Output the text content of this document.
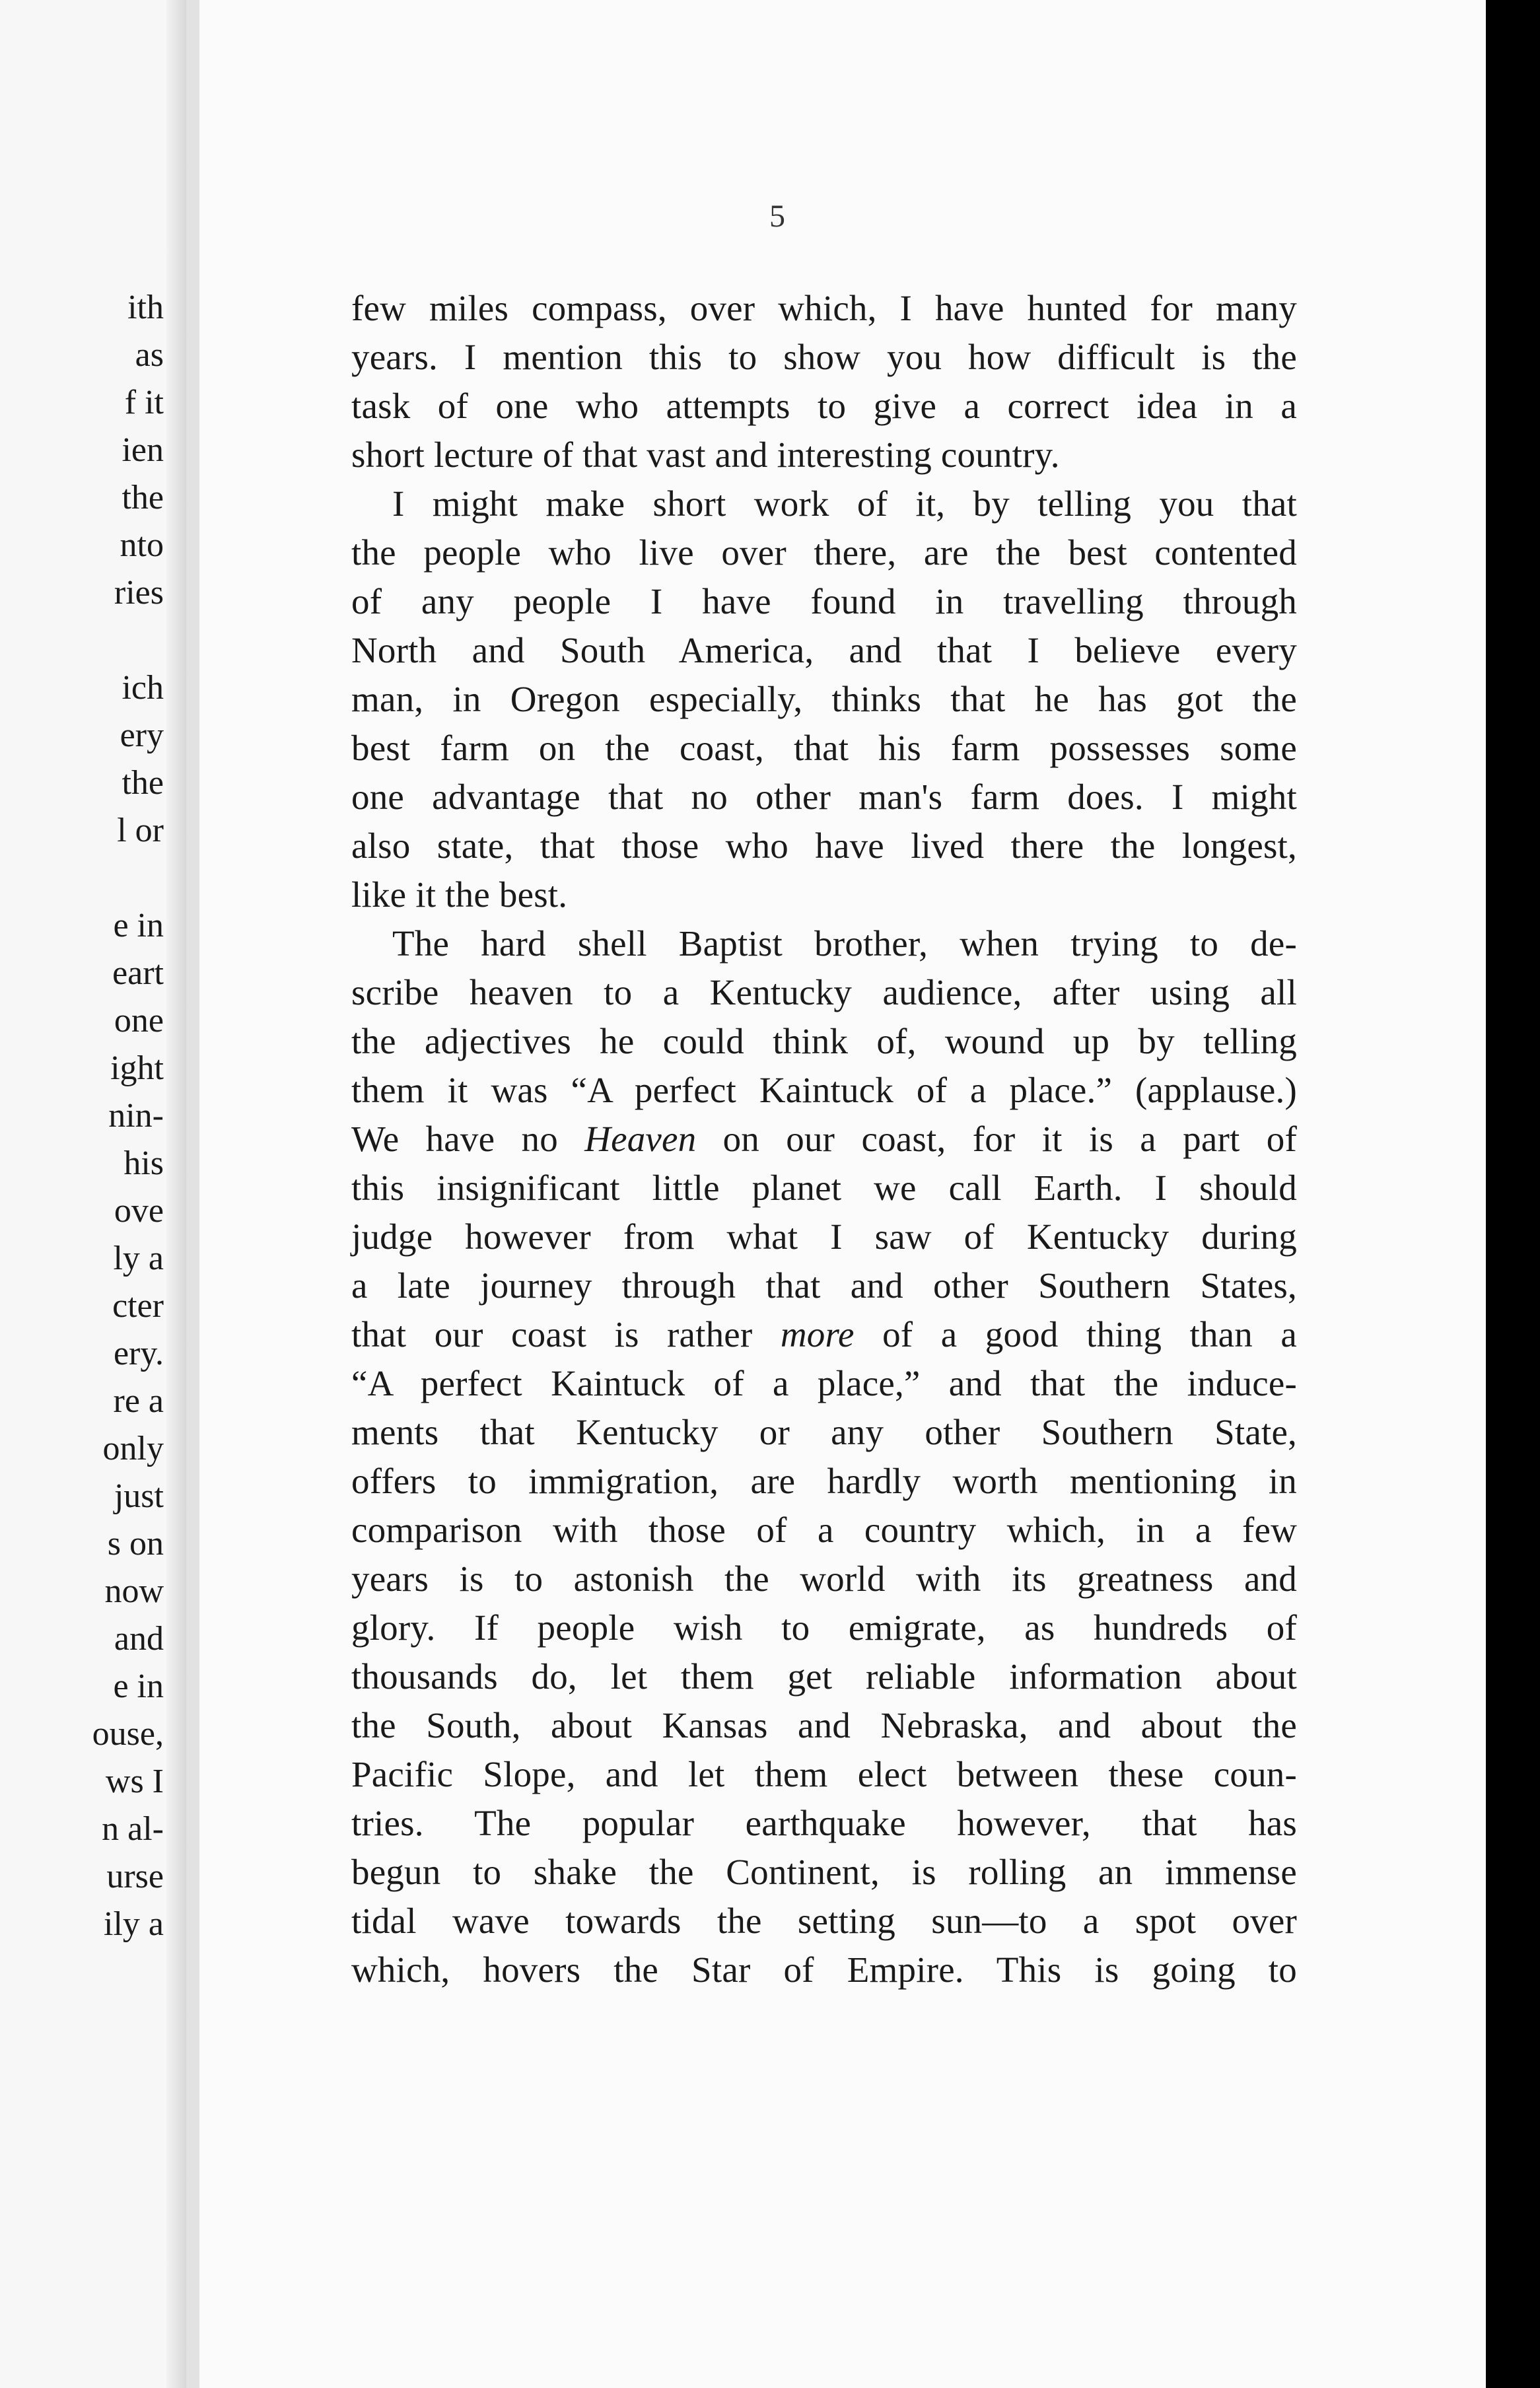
ith
as
f it
ien
the
nto
ries
ich
ery
the
l or
e in
eart
one
ight
nin-
his
ove
ly a
cter
ery.
re a
only
just
s on
now
and
e in
ouse,
ws I
n al-
urse
ily a
5
few miles compass, over which, I have hunted for many
years. I mention this to show you how difficult is the
task of one who attempts to give a correct idea in a
short lecture of that vast and interesting country.
I might make short work of it, by telling you that
the people who live over there, are the best contented
of any people I have found in travelling through
North and South America, and that I believe every
man, in Oregon especially, thinks that he has got the
best farm on the coast, that his farm possesses some
one advantage that no other man's farm does. I might
also state, that those who have lived there the longest,
like it the best.
The hard shell Baptist brother, when trying to de-
scribe heaven to a Kentucky audience, after using all
the adjectives he could think of, wound up by telling
them it was “A perfect Kaintuck of a place.” (applause.)
We have no Heaven on our coast, for it is a part of
this insignificant little planet we call Earth. I should
judge however from what I saw of Kentucky during
a late journey through that and other Southern States,
that our coast is rather more of a good thing than a
“A perfect Kaintuck of a place,” and that the induce-
ments that Kentucky or any other Southern State,
offers to immigration, are hardly worth mentioning in
comparison with those of a country which, in a few
years is to astonish the world with its greatness and
glory. If people wish to emigrate, as hundreds of
thousands do, let them get reliable information about
the South, about Kansas and Nebraska, and about the
Pacific Slope, and let them elect between these coun-
tries. The popular earthquake however, that has
begun to shake the Continent, is rolling an immense
tidal wave towards the setting sun—to a spot over
which, hovers the Star of Empire. This is going to
